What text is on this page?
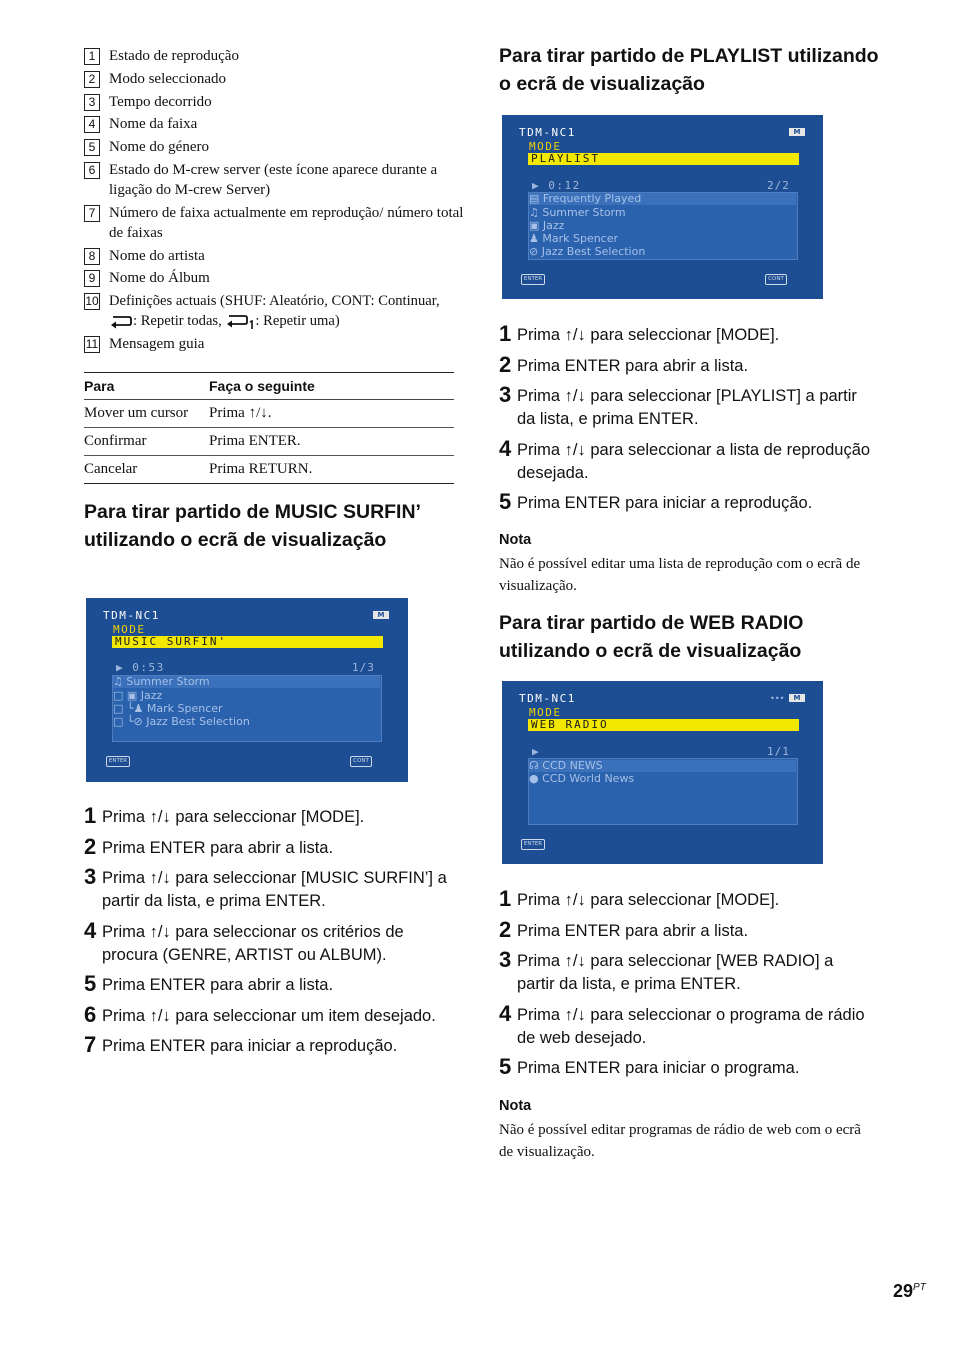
1 Estado de reprodução
2 Modo seleccionado
3 Tempo decorrido
4 Nome da faixa
5 Nome do género
6 Estado do M-crew server (este ícone aparece durante a ligação do M-crew Server)
7 Número de faixa actualmente em reprodução/ número total de faixas
8 Nome do artista
9 Nome do Álbum
10 Definições actuais (SHUF: Aleatório, CONT: Continuar, : Repetir todas, : Repetir uma)
11 Mensagem guia
Para	Faça o seguinte
Mover um cursor	Prima ↑/↓.
Confirmar	Prima ENTER.
Cancelar	Prima RETURN.
Para tirar partido de MUSIC SURFIN’ utilizando o ecrã de visualização
TDM-NC1	M
MODE
MUSIC SURFIN'
▶ 0:53	1/3
♫ Summer Storm
□ ▣ Jazz
□ └♟ Mark Spencer
□ └⊘ Jazz Best Selection
ENTER	CONT
1 Prima ↑/↓ para seleccionar [MODE].
2 Prima ENTER para abrir a lista.
3 Prima ↑/↓ para seleccionar [MUSIC SURFIN’] a partir da lista, e prima ENTER.
4 Prima ↑/↓ para seleccionar os critérios de procura (GENRE, ARTIST ou ALBUM).
5 Prima ENTER para abrir a lista.
6 Prima ↑/↓ para seleccionar um item desejado.
7 Prima ENTER para iniciar a reprodução.
Para tirar partido de PLAYLIST utilizando o ecrã de visualização
TDM-NC1	M
MODE
PLAYLIST
▶ 0:12	2/2
▤ Frequently Played
♫ Summer Storm
▣ Jazz
♟ Mark Spencer
⊘ Jazz Best Selection
ENTER	CONT
1 Prima ↑/↓ para seleccionar [MODE].
2 Prima ENTER para abrir a lista.
3 Prima ↑/↓ para seleccionar [PLAYLIST] a partir da lista, e prima ENTER.
4 Prima ↑/↓ para seleccionar a lista de reprodução desejada.
5 Prima ENTER para iniciar a reprodução.
Nota
Não é possível editar uma lista de reprodução com o ecrã de visualização.
Para tirar partido de WEB RADIO utilizando o ecrã de visualização
TDM-NC1	•••	M
MODE
WEB RADIO
▶	1/1
☊ CCD NEWS
● CCD World News
ENTER
1 Prima ↑/↓ para seleccionar [MODE].
2 Prima ENTER para abrir a lista.
3 Prima ↑/↓ para seleccionar [WEB RADIO] a partir da lista, e prima ENTER.
4 Prima ↑/↓ para seleccionar o programa de rádio de web desejado.
5 Prima ENTER para iniciar o programa.
Nota
Não é possível editar programas de rádio de web com o ecrã de visualização.
$29^{PT}$
